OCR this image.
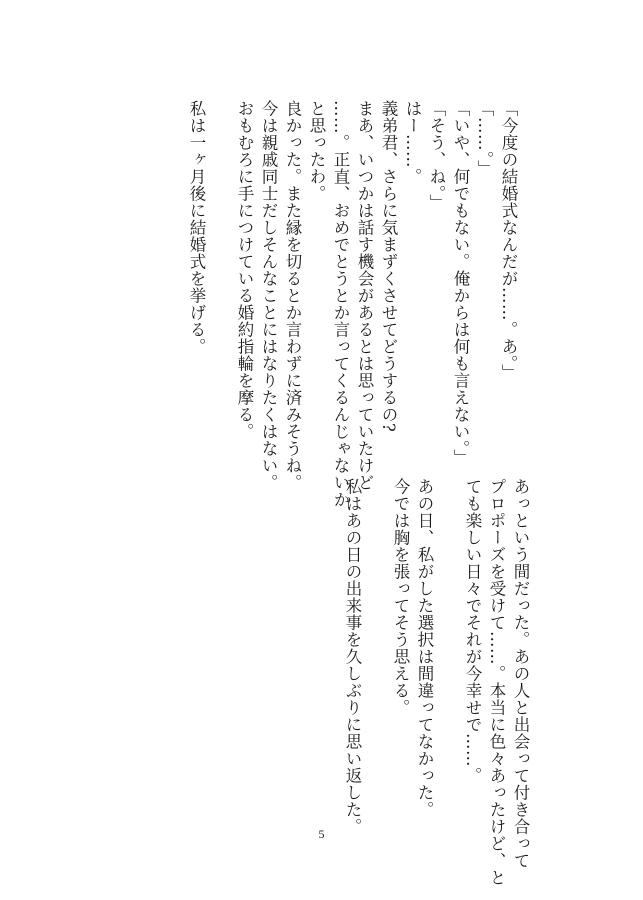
「今度の結婚式なんだが……。あ。」
「……。」
「いや、何でもない。俺からは何も言えない。」
「そう、ね。」
はー……。
義弟君、さらに気まずくさせてどうするの?
まあ、いつかは話す機会があるとは思っていたけど
……。正直、おめでとうとか言ってくるんじゃないか
と思ったわ。
良かった。また縁を切るとか言わずに済みそうね。
今は親戚同士だしそんなことにはなりたくはない。
おもむろに手につけている婚約指輪を摩る。
私は一ヶ月後に結婚式を挙げる。
あっという間だった。あの人と出会って付き合って
プロポーズを受けて……。本当に色々あったけど、と
ても楽しい日々でそれが今幸せで……。
あの日、私がした選択は間違ってなかった。
今では胸を張ってそう思える。
私はあの日の出来事を久しぶりに思い返した。
5
